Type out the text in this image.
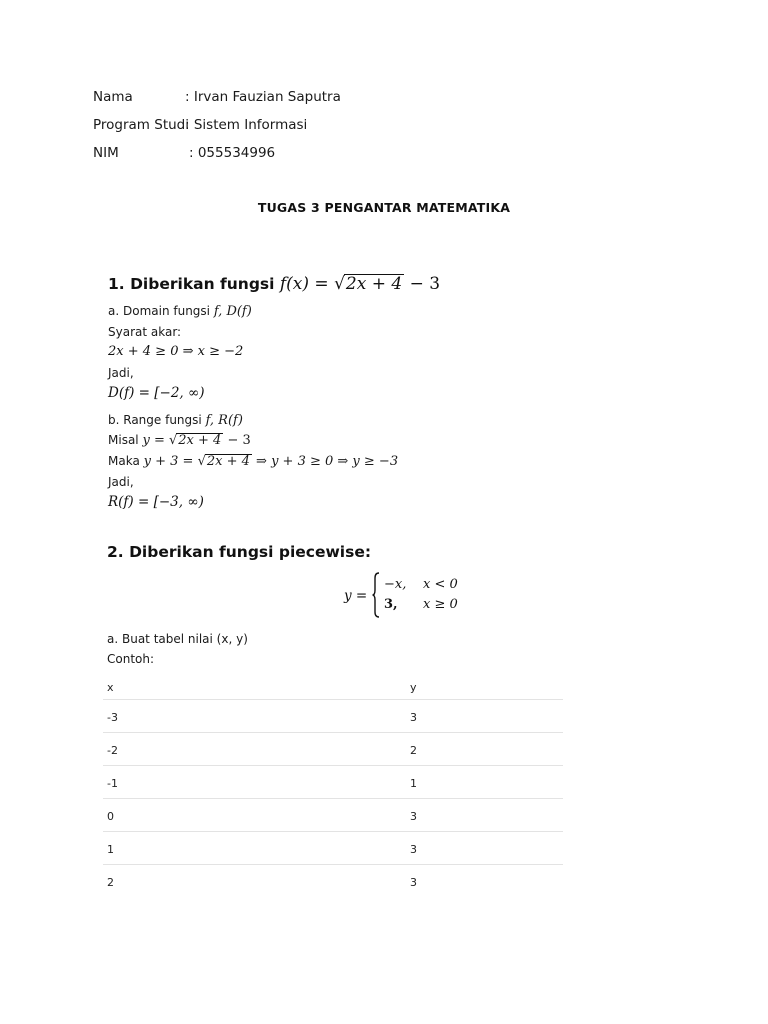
Nama	: Irvan Fauzian Saputra
Program Studi
: Sistem Informasi
NIM	: 055534996
TUGAS 3 PENGANTAR MATEMATIKA
1. Diberikan fungsi f(x) = √2x + 4 − 3
a. Domain fungsi f, D(f)
Syarat akar:
2x + 4 ≥ 0 ⇒ x ≥ −2
Jadi,
D(f) = [−2, ∞)
b. Range fungsi f, R(f)
Misal y = √2x + 4 − 3
Maka y + 3 = √2x + 4 ⇒ y + 3 ≥ 0 ⇒ y ≥ −3
Jadi,
R(f) = [−3, ∞)
2. Diberikan fungsi piecewise:
y =
−x, x < 0
3, x ≥ 0
a. Buat tabel nilai (x, y)
Contoh:
x	y
-3	3
-2	2
-1	1
0	3
1	3
2	3
